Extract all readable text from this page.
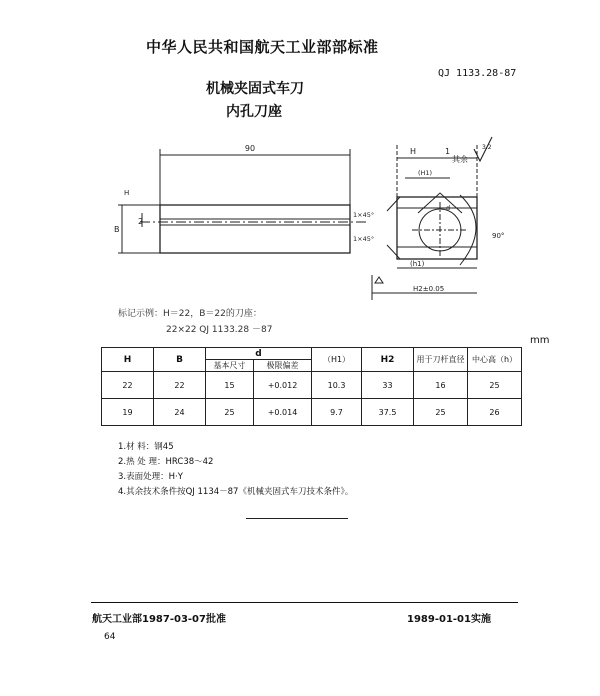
中华人民共和国航天工业部部标准
QJ 1133.28-87
机械夹固式车刀
内孔刀座
90
2
B
H	1
其余
3.2
(H1)
1×45°
1×45°
d
90°
(h1)
H2±0.05
H
标记示例：H＝22，B＝22的刀座：
22×22 QJ 1133.28 －87
mm
H	B	d		（H1）	H2	用于刀杆直径	中心高（h）
		基本尺寸	极限偏差				
22	22	15	+0.012	10.3	33	16	25
19	24	25	+0.014	9.7	37.5	25	26
1.材 料：钢45
2.热 处 理：HRC38～42
3.表面处理：H·Y
4.其余技术条件按QJ 1134－87《机械夹固式车刀技术条件》。
航天工业部1987-03-07批准	1989-01-01实施
64
